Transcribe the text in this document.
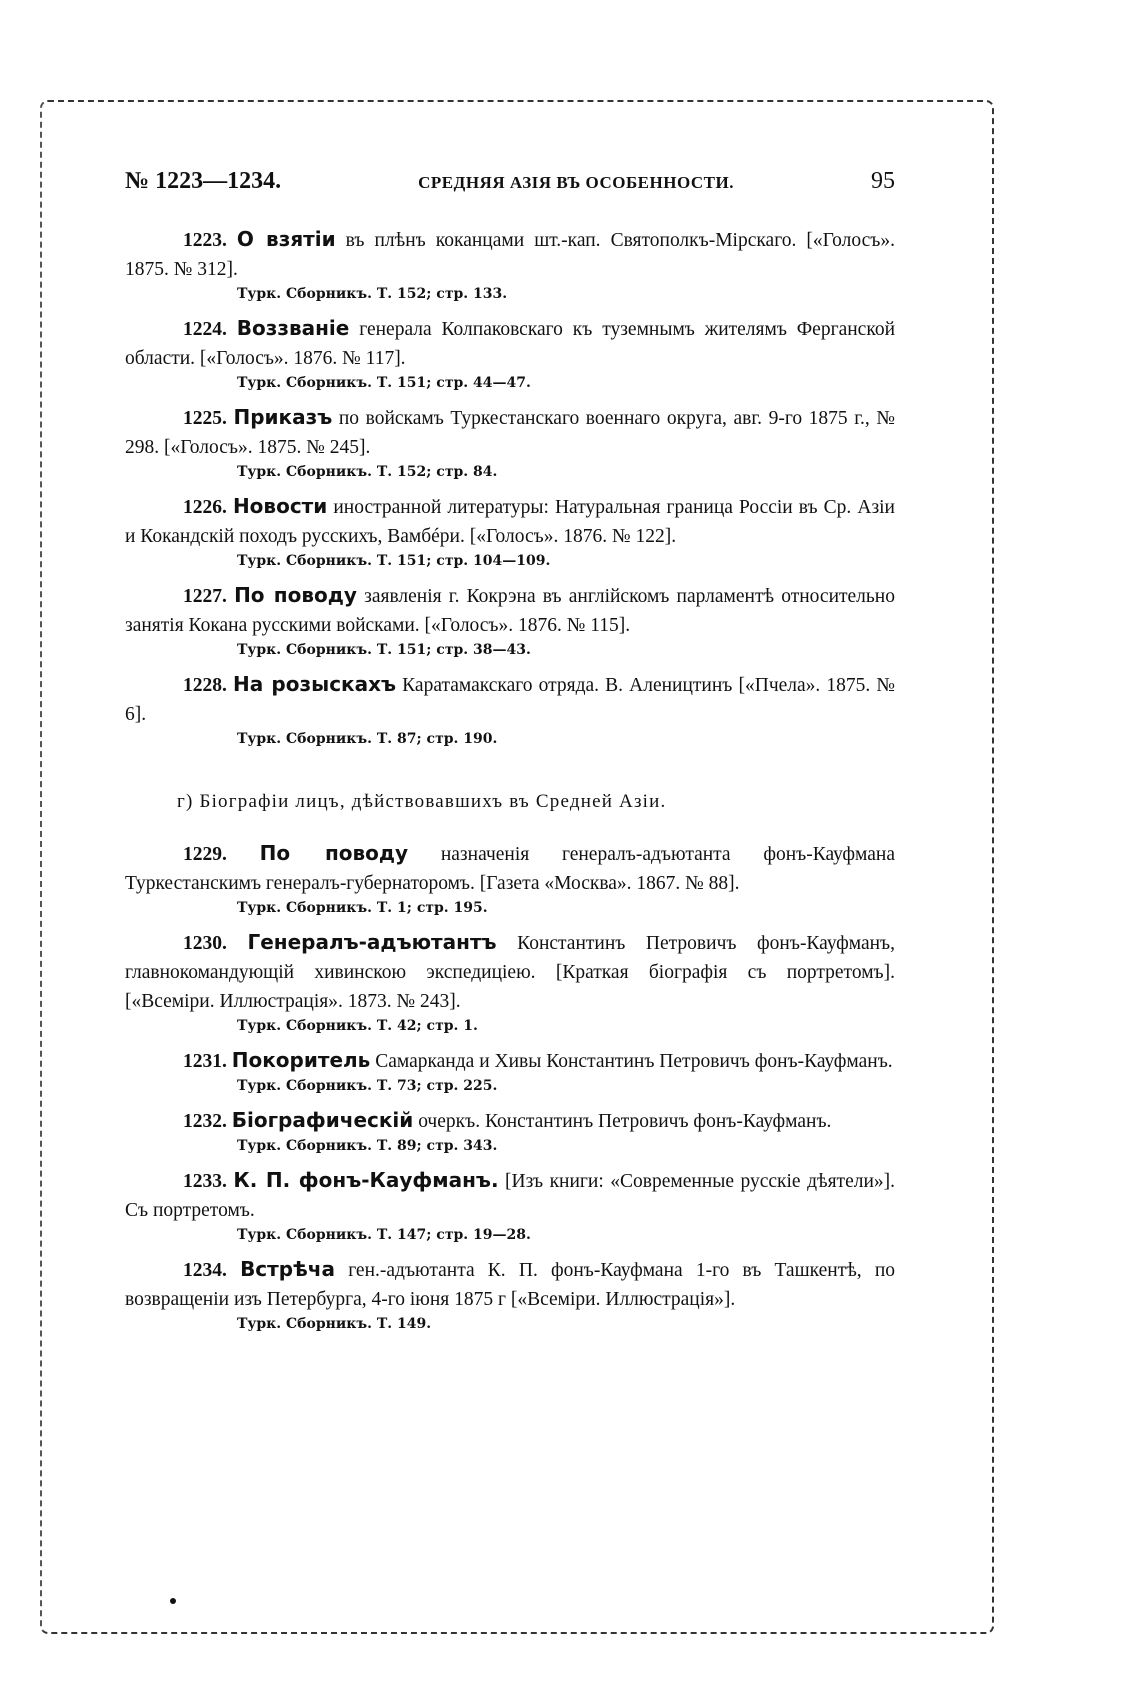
№ 1223—1234.	СРЕДНЯЯ АЗІЯ ВЪ ОСОБЕННОСТИ.	95

1223. О взятіи въ плѣнъ коканцами шт.-кап. Святополкъ-Мірскаго. [«Голосъ». 1875. № 312].

Турк. Сборникъ. Т. 152; стр. 133.

1224. Воззваніе генерала Колпаковскаго къ туземнымъ жителямъ Ферганской области. [«Голосъ». 1876. № 117].

Турк. Сборникъ. Т. 151; стр. 44—47.

1225. Приказъ по войскамъ Туркестанскаго военнаго округа, авг. 9-го 1875 г., № 298. [«Голосъ». 1875. № 245].

Турк. Сборникъ. Т. 152; стр. 84.

1226. Новости иностранной литературы: Натуральная граница Россіи въ Ср. Азіи и Кокандскій походъ русскихъ, Вамбéри. [«Голосъ». 1876. № 122].

Турк. Сборникъ. Т. 151; стр. 104—109.

1227. По поводу заявленія г. Кокрэна въ англійскомъ парламентѣ относительно занятія Кокана русскими войсками. [«Голосъ». 1876. № 115].

Турк. Сборникъ. Т. 151; стр. 38—43.

1228. На розыскахъ Каратамакскаго отряда. В. Алеництинъ [«Пчела». 1875. № 6].

Турк. Сборникъ. Т. 87; стр. 190.
г) Біографіи лицъ, дѣйствовавшихъ въ Средней Азіи.

1229. По поводу назначенія генералъ-адъютанта фонъ-Кауфмана Туркестанскимъ генералъ-губернаторомъ. [Газета «Москва». 1867. № 88].

Турк. Сборникъ. Т. 1; стр. 195.

1230. Генералъ-адъютантъ Константинъ Петровичъ фонъ-Кауфманъ, главнокомандующій хивинскою экспедиціею. [Краткая біографія съ портретомъ]. [«Всеміри. Иллюстрація». 1873. № 243].

Турк. Сборникъ. Т. 42; стр. 1.

1231. Покоритель Самарканда и Хивы Константинъ Петровичъ фонъ-Кауфманъ.

Турк. Сборникъ. Т. 73; стр. 225.

1232. Біографическій очеркъ. Константинъ Петровичъ фонъ-Кауфманъ.

Турк. Сборникъ. Т. 89; стр. 343.

1233. К. П. фонъ-Кауфманъ. [Изъ книги: «Современные русскіе дѣятели»]. Съ портретомъ.

Турк. Сборникъ. Т. 147; стр. 19—28.

1234. Встрѣча ген.-адъютанта К. П. фонъ-Кауфмана 1-го въ Ташкентѣ, по возвращеніи изъ Петербурга, 4-го іюня 1875 г [«Всеміри. Иллюстрація»].

Турк. Сборникъ. Т. 149.
